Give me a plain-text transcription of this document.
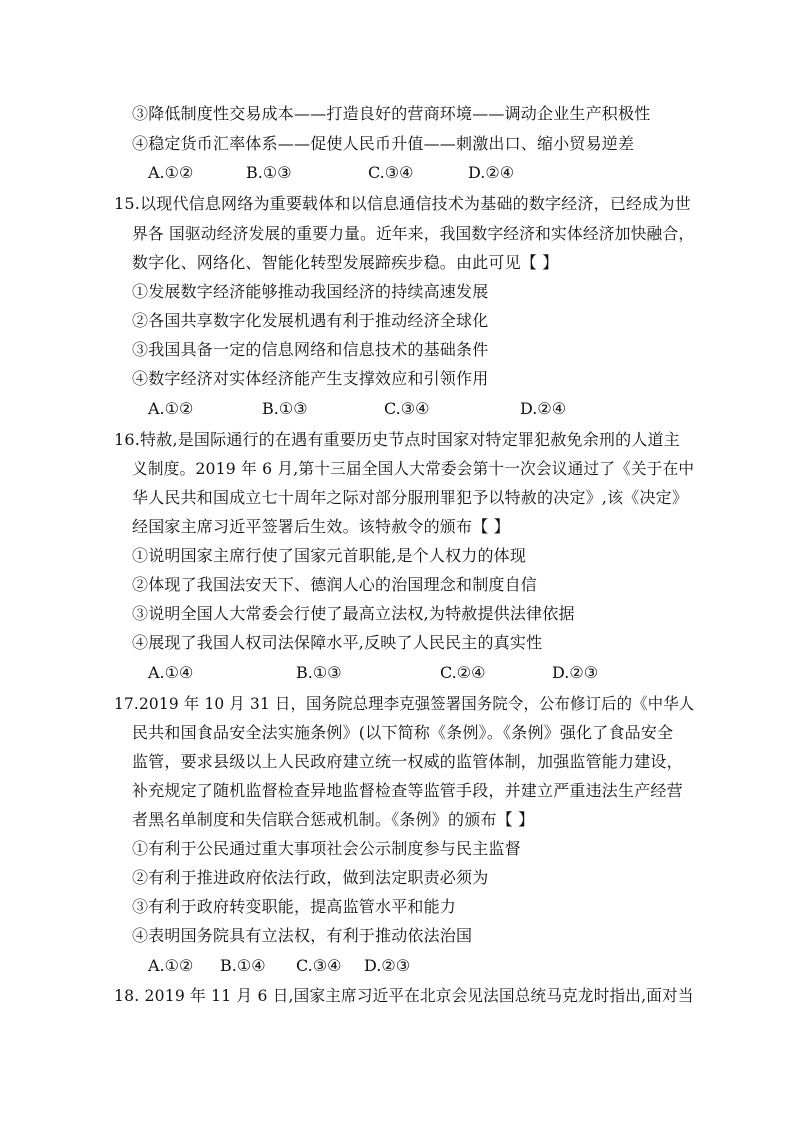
③降低制度性交易成本——打造良好的营商环境——调动企业生产积极性
④稳定货币汇率体系——促使人民币升值——刺激出口、缩小贸易逆差
A.①②	B.①③	C.③④	D.②④
15.以现代信息网络为重要载体和以信息通信技术为基础的数字经济，已经成为世
界各 国驱动经济发展的重要力量。近年来，我国数字经济和实体经济加快融合，
数字化、网络化、智能化转型发展蹄疾步稳。由此可见【 】
①发展数字经济能够推动我国经济的持续高速发展
②各国共享数字化发展机遇有利于推动经济全球化
③我国具备一定的信息网络和信息技术的基础条件
④数字经济对实体经济能产生支撑效应和引领作用
A.①②	B.①③	C.③④	D.②④
16.特赦,是国际通行的在遇有重要历史节点时国家对特定罪犯赦免余刑的人道主
义制度。2019 年 6 月,第十三届全国人大常委会第十一次会议通过了《关于在中
华人民共和国成立七十周年之际对部分服刑罪犯予以特赦的决定》,该《决定》
经国家主席习近平签署后生效。该特赦令的颁布【 】
①说明国家主席行使了国家元首职能,是个人权力的体现
②体现了我国法安天下、德润人心的治国理念和制度自信
③说明全国人大常委会行使了最高立法权,为特赦提供法律依据
④展现了我国人权司法保障水平,反映了人民民主的真实性
A.①④	B.①③	C.②④	D.②③
17.2019 年 10 月 31 日，国务院总理李克强签署国务院令，公布修订后的《中华人
民共和国食品安全法实施条例》(以下简称《条例》。《条例》强化了食品安全
监管，要求县级以上人民政府建立统一权威的监管体制，加强监管能力建设，
补充规定了随机监督检查异地监督检查等监管手段，并建立严重违法生产经营
者黑名单制度和失信联合惩戒机制。《条例》的颁布【 】
①有利于公民通过重大事项社会公示制度参与民主监督
②有利于推进政府依法行政，做到法定职责必须为
③有利于政府转变职能，提高监管水平和能力
④表明国务院具有立法权，有利于推动依法治国
A.①② B.①④ C.③④ D.②③
18. 2019 年 11 月 6 日,国家主席习近平在北京会见法国总统马克龙时指出,面对当
